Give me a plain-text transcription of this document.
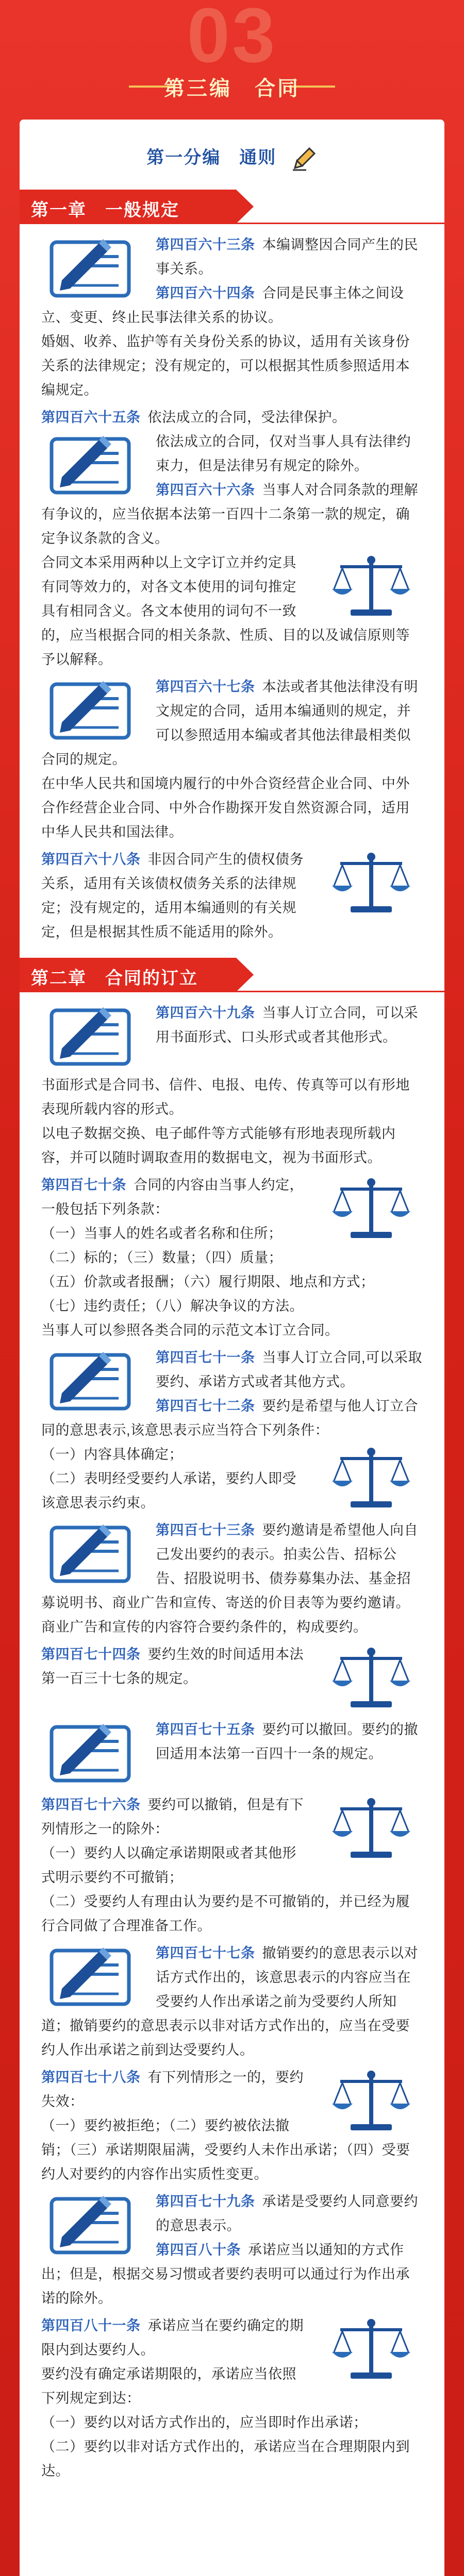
03
第三编　合同
第一分编　通则
第一章　一般规定

第四百六十三条 本编调整因合同产生的民事关系。

第四百六十四条 合同是民事主体之间设立、变更、终止民事法律关系的协议。

婚姻、收养、监护等有关身份关系的协议，适用有关该身份关系的法律规定；没有规定的，可以根据其性质参照适用本编规定。

第四百六十五条 依法成立的合同，受法律保护。

依法成立的合同，仅对当事人具有法律约束力，但是法律另有规定的除外。

第四百六十六条 当事人对合同条款的理解有争议的，应当依据本法第一百四十二条第一款的规定，确定争议条款的含义。

合同文本采用两种以上文字订立并约定具有同等效力的，对各文本使用的词句推定具有相同含义。各文本使用的词句不一致的，应当根据合同的相关条款、性质、目的以及诚信原则等予以解释。

第四百六十七条 本法或者其他法律没有明文规定的合同，适用本编通则的规定，并可以参照适用本编或者其他法律最相类似合同的规定。

在中华人民共和国境内履行的中外合资经营企业合同、中外合作经营企业合同、中外合作勘探开发自然资源合同，适用中华人民共和国法律。

第四百六十八条 非因合同产生的债权债务关系，适用有关该债权债务关系的法律规定；没有规定的，适用本编通则的有关规定，但是根据其性质不能适用的除外。

第二章　合同的订立

第四百六十九条 当事人订立合同，可以采用书面形式、口头形式或者其他形式。

书面形式是合同书、信件、电报、电传、传真等可以有形地表现所载内容的形式。

以电子数据交换、电子邮件等方式能够有形地表现所载内容，并可以随时调取查用的数据电文，视为书面形式。

第四百七十条 合同的内容由当事人约定，一般包括下列条款：

（一）当事人的姓名或者名称和住所；

（二）标的；（三）数量；（四）质量；

（五）价款或者报酬；（六）履行期限、地点和方式；

（七）违约责任；（八）解决争议的方法。

当事人可以参照各类合同的示范文本订立合同。

第四百七十一条 当事人订立合同,可以采取要约、承诺方式或者其他方式。

第四百七十二条 要约是希望与他人订立合同的意思表示,该意思表示应当符合下列条件：

（一）内容具体确定；

（二）表明经受要约人承诺，要约人即受该意思表示约束。

第四百七十三条 要约邀请是希望他人向自己发出要约的表示。拍卖公告、招标公告、招股说明书、债券募集办法、基金招募说明书、商业广告和宣传、寄送的价目表等为要约邀请。　商业广告和宣传的内容符合要约条件的，构成要约。

第四百七十四条 要约生效的时间适用本法第一百三十七条的规定。

第四百七十五条 要约可以撤回。要约的撤回适用本法第一百四十一条的规定。

第四百七十六条 要约可以撤销，但是有下列情形之一的除外：

（一）要约人以确定承诺期限或者其他形式明示要约不可撤销；

（二）受要约人有理由认为要约是不可撤销的，并已经为履行合同做了合理准备工作。

第四百七十七条 撤销要约的意思表示以对话方式作出的，该意思表示的内容应当在受要约人作出承诺之前为受要约人所知道；撤销要约的意思表示以非对话方式作出的，应当在受要约人作出承诺之前到达受要约人。

第四百七十八条 有下列情形之一的，要约失效：

（一）要约被拒绝；（二）要约被依法撤销；（三）承诺期限届满，受要约人未作出承诺；（四）受要约人对要约的内容作出实质性变更。

第四百七十九条 承诺是受要约人同意要约的意思表示。

第四百八十条 承诺应当以通知的方式作出；但是，根据交易习惯或者要约表明可以通过行为作出承诺的除外。

第四百八十一条 承诺应当在要约确定的期限内到达要约人。

要约没有确定承诺期限的，承诺应当依照下列规定到达：

（一）要约以对话方式作出的，应当即时作出承诺；

（二）要约以非对话方式作出的，承诺应当在合理期限内到达。
